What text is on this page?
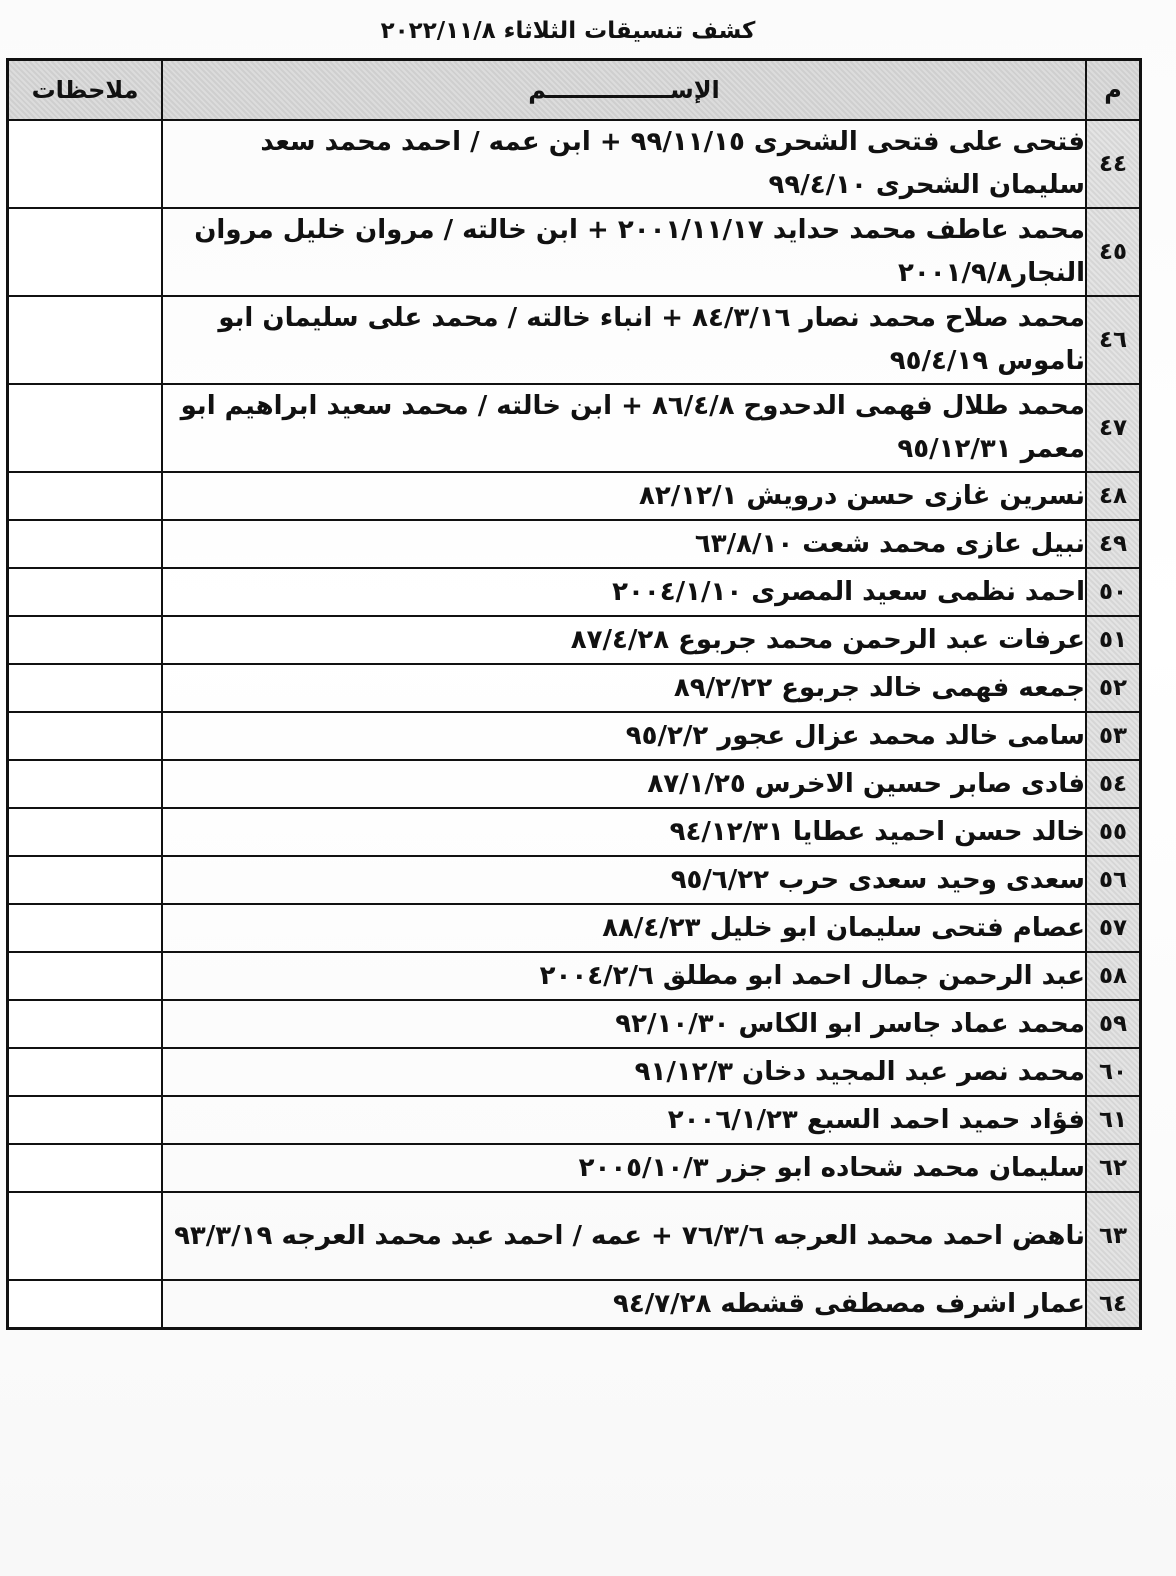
كشف تنسيقات الثلاثاء ٢٠٢٢/١١/٨
م	الإســـــــــــــــم	ملاحظات

٤٤	فتحى على فتحى الشحرى ٩٩/١١/١٥ + ابن عمه / احمد محمد سعد سليمان الشحرى ٩٩/٤/١٠	
٤٥	محمد عاطف محمد حدايد ٢٠٠١/١١/١٧ + ابن خالته / مروان خليل مروان النجار٢٠٠١/٩/٨	
٤٦	محمد صلاح محمد نصار ٨٤/٣/١٦ + انباء خالته / محمد على سليمان ابو ناموس ٩٥/٤/١٩	
٤٧	محمد طلال فهمى الدحدوح ٨٦/٤/٨ + ابن خالته / محمد سعيد ابراهيم ابو معمر ٩٥/١٢/٣١	
٤٨	نسرين غازى حسن درويش ٨٢/١٢/١	
٤٩	نبيل عازى محمد شعت ٦٣/٨/١٠	
٥٠	احمد نظمى سعيد المصرى ٢٠٠٤/١/١٠	
٥١	عرفات عبد الرحمن محمد جربوع ٨٧/٤/٢٨	
٥٢	جمعه فهمى خالد جربوع ٨٩/٢/٢٢	
٥٣	سامى خالد محمد عزال عجور ٩٥/٢/٢	
٥٤	فادى صابر حسين الاخرس ٨٧/١/٢٥	
٥٥	خالد حسن احميد عطايا ٩٤/١٢/٣١	
٥٦	سعدى وحيد سعدى حرب ٩٥/٦/٢٢	
٥٧	عصام فتحى سليمان ابو خليل ٨٨/٤/٢٣	
٥٨	عبد الرحمن جمال احمد ابو مطلق ٢٠٠٤/٢/٦	
٥٩	محمد عماد جاسر ابو الكاس ٩٢/١٠/٣٠	
٦٠	محمد نصر عبد المجيد دخان ٩١/١٢/٣	
٦١	فؤاد حميد احمد السبع ٢٠٠٦/١/٢٣	
٦٢	سليمان محمد شحاده ابو جزر ٢٠٠٥/١٠/٣	
٦٣	ناهض احمد محمد العرجه ٧٦/٣/٦ + عمه / احمد عبد محمد العرجه ٩٣/٣/١٩	
٦٤	عمار اشرف مصطفى قشطه ٩٤/٧/٢٨	
